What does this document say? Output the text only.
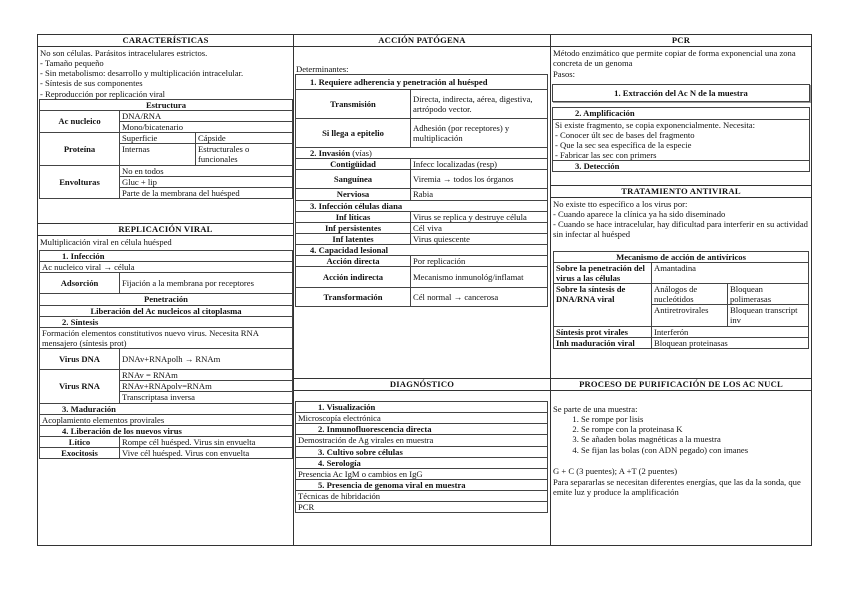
CARACTERÍSTICAS
No son células. Parásitos intracelulares estrictos.
- Tamaño pequeño
- Sin metabolismo: desarrollo y multiplicación intracelular.
- Síntesis de sus componentes
- Reproducción por replicación viral
Estructura		
Ac nucleico	DNA/RNA	
	Mono/bicatenario	
Proteína	Superficie	Cápside
	Internas	Estructurales o funcionales
Envolturas	No en todos	
	Gluc + lip	
	Parte de la membrana del huésped	
REPLICACIÓN VIRAL
Multiplicación viral en célula huésped
1. Infección	
Ac nucleico viral → célula	
Adsorción	Fijación a la membrana por receptores
Penetración	
Liberación del Ac nucleicos al citoplasma	
2. Síntesis	
Formación elementos constitutivos nuevo virus. Necesita RNA mensajero (síntesis prot)	
Virus DNA	DNAv+RNApolh → RNAm
Virus RNA	RNAv = RNAm
	RNAv+RNApolv=RNAm
	Transcriptasa inversa
3. Maduración	
Acoplamiento elementos provirales	
4. Liberación de los nuevos virus	
Lítico	Rompe cél huésped. Virus sin envuelta
Exocitosis	Vive cél huésped. Virus con envuelta
ACCIÓN PATÓGENA
Determinantes:
1. Requiere adherencia y penetración al huésped	
Transmisión	Directa, indirecta, aérea, digestiva, artrópodo vector.
Si llega a epitelio	Adhesión (por receptores) y multiplicación
2. Invasión (vías)	
Contigüidad	Infecc localizadas (resp)
Sanguínea	Viremia → todos los órganos
Nerviosa	Rabia
3. Infección células diana	
Inf líticas	Virus se replica y destruye célula
Inf persistentes	Cél viva
Inf latentes	Virus quiescente
4. Capacidad lesional	
Acción directa	Por replicación
Acción indirecta	Mecanismo inmunológ/inflamat
Transformación	Cél normal → cancerosa
DIAGNÓSTICO
1. Visualización
Microscopía electrónica
2. Inmunofluorescencia directa
Demostración de Ag virales en muestra
3. Cultivo sobre células
4. Serología
Presencia Ac IgM o cambios en IgG
5. Presencia de genoma viral en muestra
Técnicas de hibridación
PCR
PCR
Método enzimático que permite copiar de forma exponencial una zona concreta de un genoma
Pasos:
1. Extracción del Ac N de la muestra
2. Amplificación
Si existe fragmento, se copia exponencialmente. Necesita:
- Conocer últ sec de bases del fragmento
- Que la sec sea específica de la especie
- Fabricar las sec con primers
3. Detección
TRATAMIENTO ANTIVIRAL
No existe tto específico a los virus por:
- Cuando aparece la clínica ya ha sido diseminado
- Cuando se hace intracelular, hay dificultad para interferir en su actividad sin infectar al huésped
Mecanismo de acción de antivíricos		
Sobre la penetración del virus a las células	Amantadina	
Sobre la síntesis de DNA/RNA viral	Análogos de nucleótidos	Bloquean polimerasas
	Antiretrovirales	Bloquean transcript inv
Síntesis prot virales	Interferón	
Inh maduración viral	Bloquean proteinasas	
PROCESO DE PURIFICACIÓN DE LOS AC NUCL
Se parte de una muestra:
1. Se rompe por lisis
2. Se rompe con la proteinasa K
3. Se añaden bolas magnéticas a la muestra
4. Se fijan las bolas (con ADN pegado) con imanes
G + C (3 puentes); A +T (2 puentes)
Para separarlas se necesitan diferentes energías, que las da la sonda, que emite luz y produce la amplificación
